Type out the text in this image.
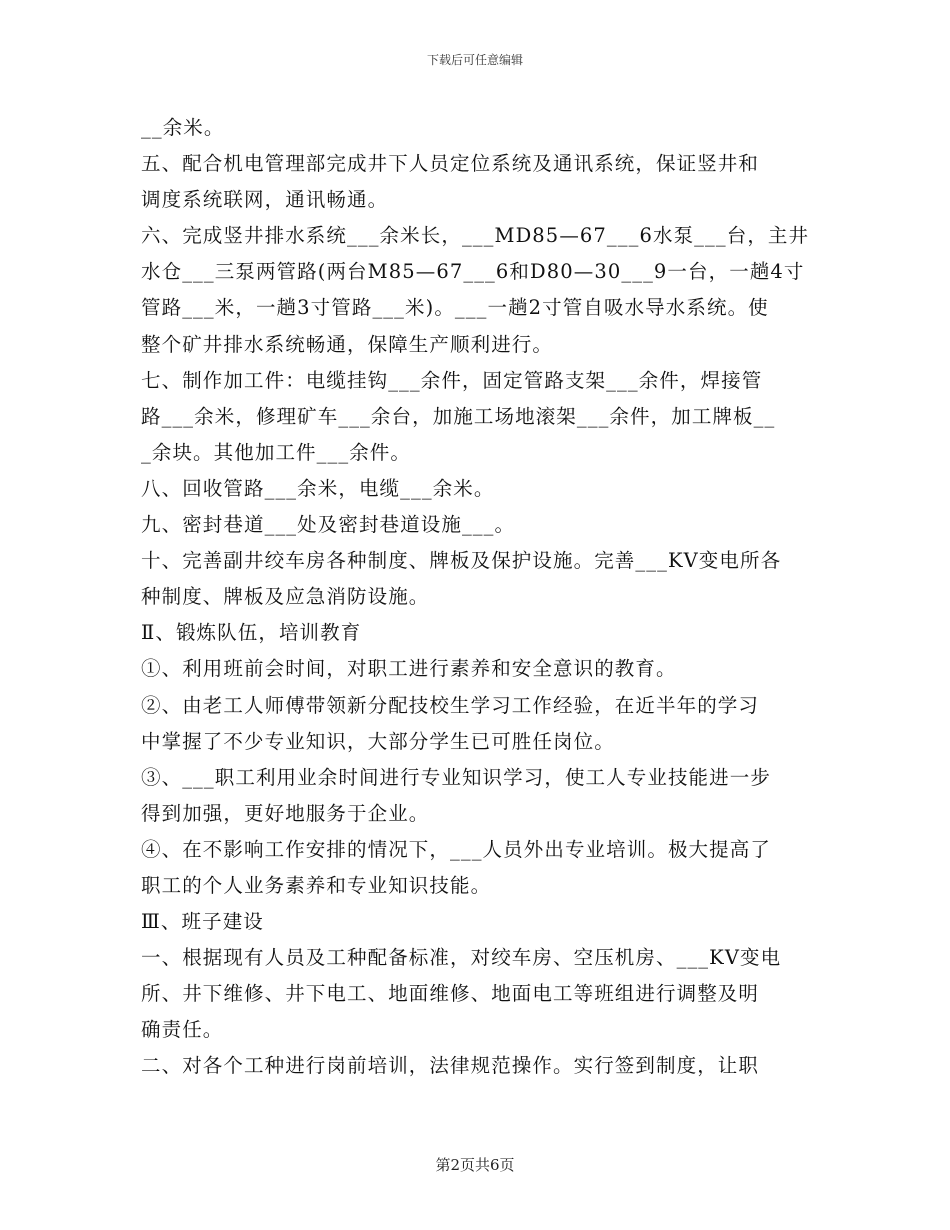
下载后可任意编辑
__余米。
五、配合机电管理部完成井下人员定位系统及通讯系统，保证竖井和
调度系统联网，通讯畅通。
六、完成竖井排水系统___余米长，___MD85—67___6水泵___台，主井
水仓___三泵两管路(两台M85—67___6和D80—30___9一台，一趟4寸
管路___米，一趟3寸管路___米)。___一趟2寸管自吸水导水系统。使
整个矿井排水系统畅通，保障生产顺利进行。
七、制作加工件：电缆挂钩___余件，固定管路支架___余件，焊接管
路___余米，修理矿车___余台，加施工场地滚架___余件，加工牌板__
_余块。其他加工件___余件。
八、回收管路___余米，电缆___余米。
九、密封巷道___处及密封巷道设施___。
十、完善副井绞车房各种制度、牌板及保护设施。完善___KV变电所各
种制度、牌板及应急消防设施。
Ⅱ、锻炼队伍，培训教育
①、利用班前会时间，对职工进行素养和安全意识的教育。
②、由老工人师傅带领新分配技校生学习工作经验，在近半年的学习
中掌握了不少专业知识，大部分学生已可胜任岗位。
③、___职工利用业余时间进行专业知识学习，使工人专业技能进一步
得到加强，更好地服务于企业。
④、在不影响工作安排的情况下，___人员外出专业培训。极大提高了
职工的个人业务素养和专业知识技能。
Ⅲ、班子建设
一、根据现有人员及工种配备标准，对绞车房、空压机房、___KV变电
所、井下维修、井下电工、地面维修、地面电工等班组进行调整及明
确责任。
二、对各个工种进行岗前培训，法律规范操作。实行签到制度，让职
第2页共6页
